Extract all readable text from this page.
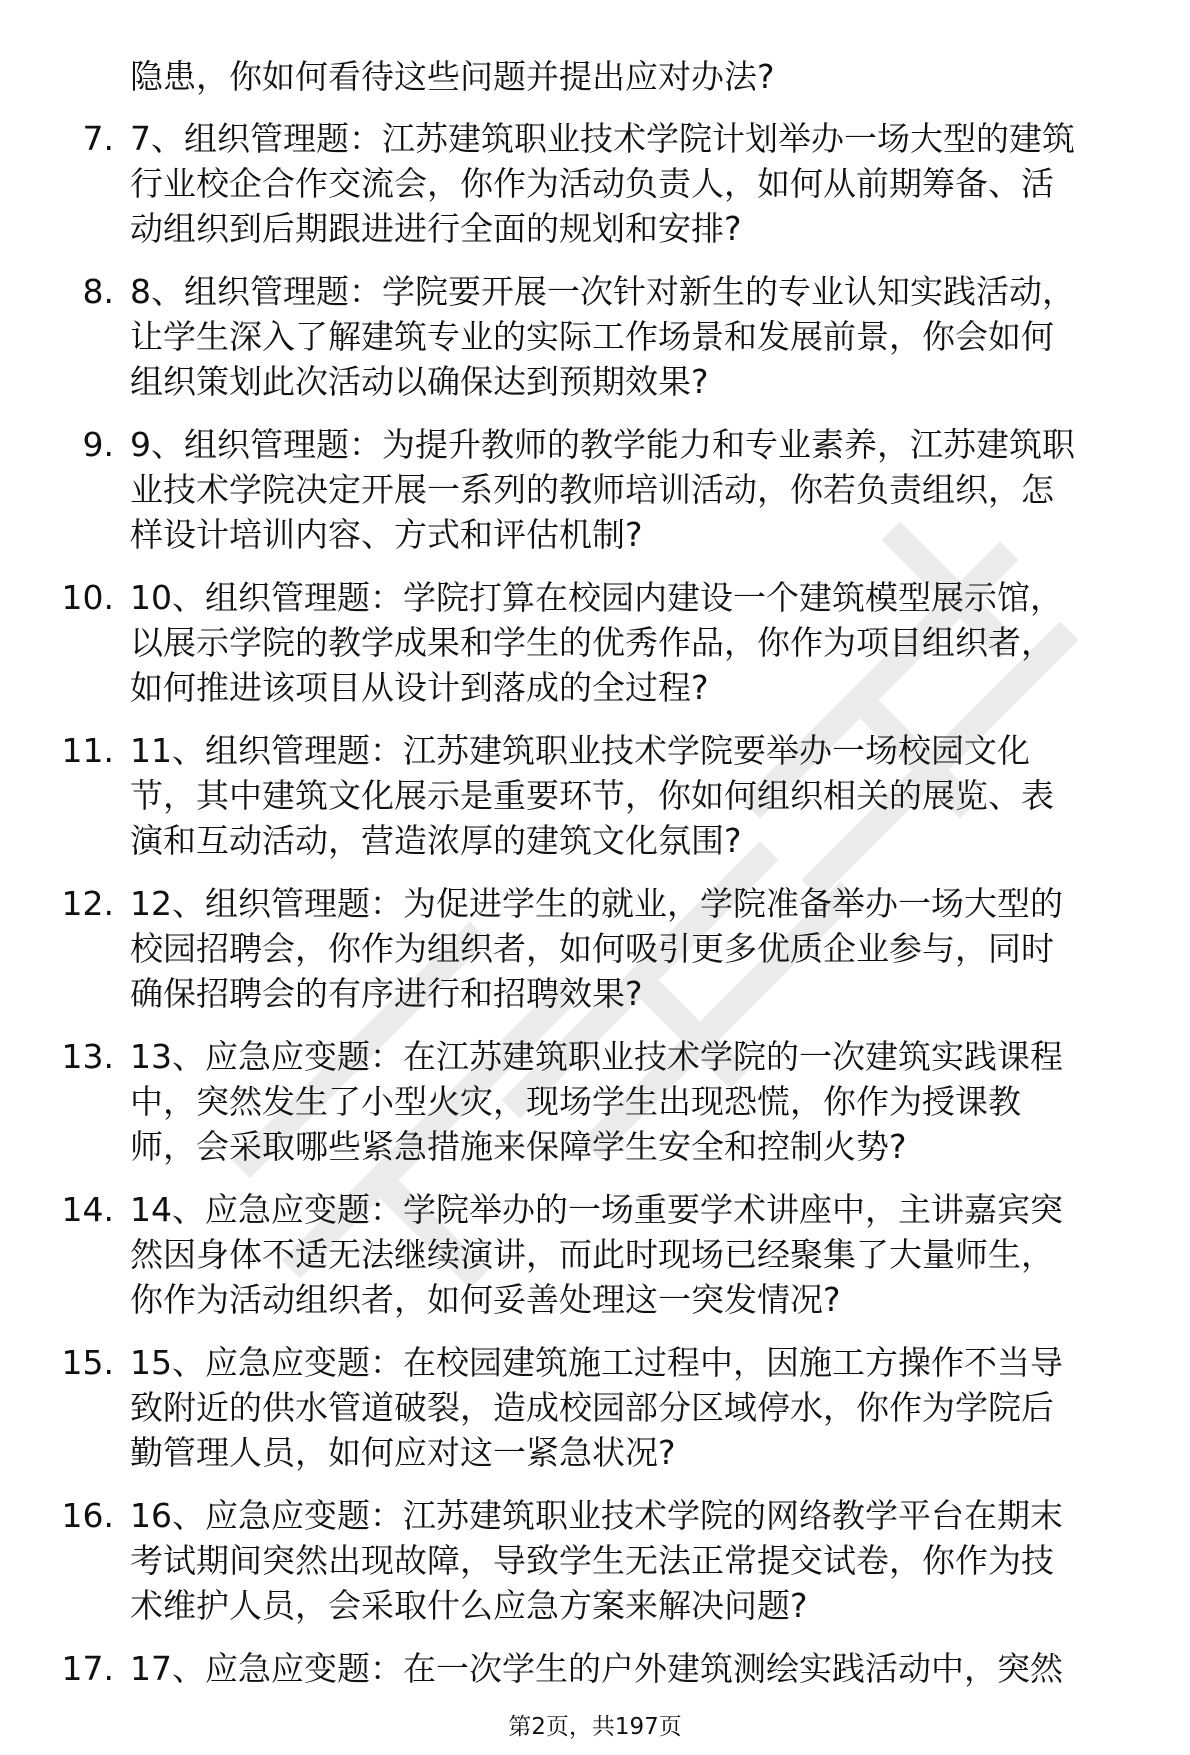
隐患，你如何看待这些问题并提出应对办法?
7. 7、组织管理题：江苏建筑职业技术学院计划举办一场大型的建筑
行业校企合作交流会，你作为活动负责人，如何从前期筹备、活
动组织到后期跟进进行全面的规划和安排?
8. 8、组织管理题：学院要开展一次针对新生的专业认知实践活动，
让学生深入了解建筑专业的实际工作场景和发展前景，你会如何
组织策划此次活动以确保达到预期效果?
9. 9、组织管理题：为提升教师的教学能力和专业素养，江苏建筑职
业技术学院决定开展一系列的教师培训活动，你若负责组织，怎
样设计培训内容、方式和评估机制?
10. 10、组织管理题：学院打算在校园内建设一个建筑模型展示馆，
以展示学院的教学成果和学生的优秀作品，你作为项目组织者，
如何推进该项目从设计到落成的全过程?
11. 11、组织管理题：江苏建筑职业技术学院要举办一场校园文化
节，其中建筑文化展示是重要环节，你如何组织相关的展览、表
演和互动活动，营造浓厚的建筑文化氛围?
12. 12、组织管理题：为促进学生的就业，学院准备举办一场大型的
校园招聘会，你作为组织者，如何吸引更多优质企业参与，同时
确保招聘会的有序进行和招聘效果?
13. 13、应急应变题：在江苏建筑职业技术学院的一次建筑实践课程
中，突然发生了小型火灾，现场学生出现恐慌，你作为授课教
师，会采取哪些紧急措施来保障学生安全和控制火势?
14. 14、应急应变题：学院举办的一场重要学术讲座中，主讲嘉宾突
然因身体不适无法继续演讲，而此时现场已经聚集了大量师生，
你作为活动组织者，如何妥善处理这一突发情况?
15. 15、应急应变题：在校园建筑施工过程中，因施工方操作不当导
致附近的供水管道破裂，造成校园部分区域停水，你作为学院后
勤管理人员，如何应对这一紧急状况?
16. 16、应急应变题：江苏建筑职业技术学院的网络教学平台在期末
考试期间突然出现故障，导致学生无法正常提交试卷，你作为技
术维护人员，会采取什么应急方案来解决问题?
17. 17、应急应变题：在一次学生的户外建筑测绘实践活动中，突然
第2页，共197页
